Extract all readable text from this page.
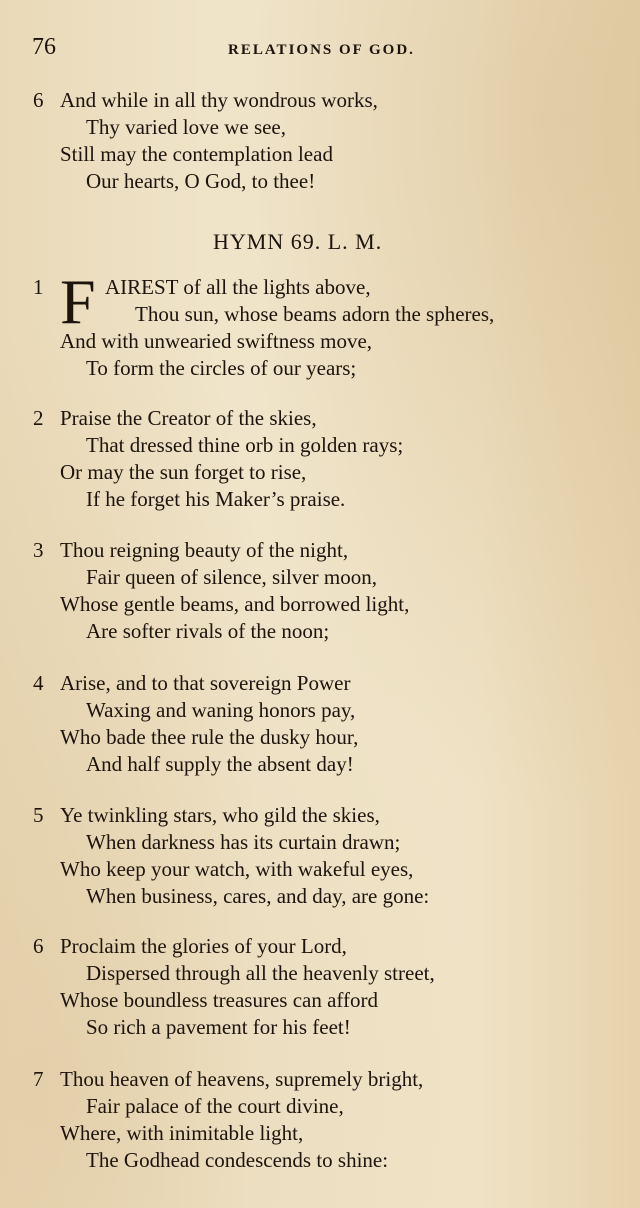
76	RELATIONS OF GOD.
6 And while in all thy wondrous works,
Thy varied love we see,
Still may the contemplation lead
Our hearts, O God, to thee!
HYMN 69. L. M.
F
1	AIREST of all the lights above,
Thou sun, whose beams adorn the spheres,
And with unwearied swiftness move,
To form the circles of our years;
2 Praise the Creator of the skies,
That dressed thine orb in golden rays;
Or may the sun forget to rise,
If he forget his Maker’s praise.
3 Thou reigning beauty of the night,
Fair queen of silence, silver moon,
Whose gentle beams, and borrowed light,
Are softer rivals of the noon;
4 Arise, and to that sovereign Power
Waxing and waning honors pay,
Who bade thee rule the dusky hour,
And half supply the absent day!
5 Ye twinkling stars, who gild the skies,
When darkness has its curtain drawn;
Who keep your watch, with wakeful eyes,
When business, cares, and day, are gone:
6 Proclaim the glories of your Lord,
Dispersed through all the heavenly street,
Whose boundless treasures can afford
So rich a pavement for his feet!
7 Thou heaven of heavens, supremely bright,
Fair palace of the court divine,
Where, with inimitable light,
The Godhead condescends to shine:
